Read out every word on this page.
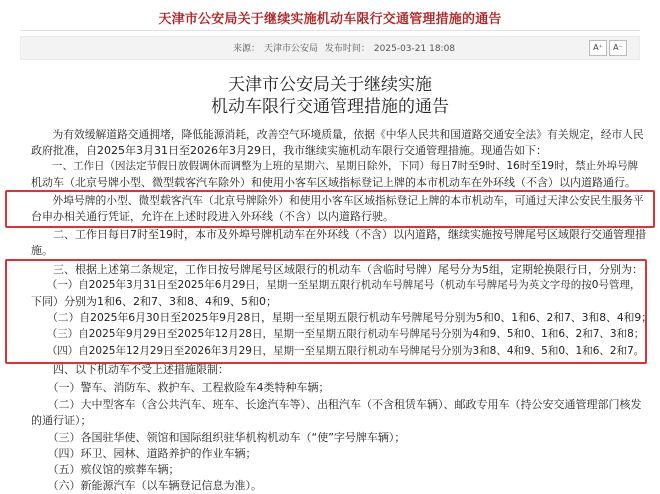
天津市公安局关于继续实施机动车限行交通管理措施的通告
来源： 天津市公安局 发布时间： 2025-03-21 18:08	A⁺	A⁻
天津市公安局关于继续实施
机动车限行交通管理措施的通告
　　为有效缓解道路交通拥堵，降低能源消耗，改善空气环境质量，依据《中华人民共和国道路交通安全法》有关规定，经市人民
政府批准，自2025年3月31日至2026年3月29日，我市继续实施机动车限行交通管理措施。现通告如下：
　　一、工作日（因法定节假日放假调休而调整为上班的星期六、星期日除外，下同）每日7时至9时、16时至19时，禁止外埠号牌
机动车（北京号牌小型、微型载客汽车除外）和使用小客车区域指标登记上牌的本市机动车在外环线（不含）以内道路通行。
　　外埠号牌的小型、微型载客汽车（北京号牌除外）和使用小客车区域指标登记上牌的本市机动车，可通过天津公安民生服务平
台申办相关通行凭证，允许在上述时段进入外环线（不含）以内道路行驶。
　　二、工作日每日7时至19时，本市及外埠号牌机动车在外环线（不含）以内道路，继续实施按号牌尾号区域限行交通管理措
施。
　　三、根据上述第二条规定，工作日按号牌尾号区域限行的机动车（含临时号牌）尾号分为5组，定期轮换限行日，分别为：
　　（一）自2025年3月31日至2025年6月29日，星期一至星期五限行机动车号牌尾号（机动车号牌尾号为英文字母的按0号管理，
下同）分别为1和6、2和7、3和8、4和9、5和0；
　　（二）自2025年6月30日至2025年9月28日，星期一至星期五限行机动车号牌尾号分别为5和0、1和6、2和7、3和8、4和9；
　　（三）自2025年9月29日至2025年12月28日，星期一至星期五限行机动车号牌尾号分别为4和9、5和0、1和6、2和7、3和8；
　　（四）自2025年12月29日至2026年3月29日，星期一至星期五限行机动车号牌尾号分别为3和8、4和9、5和0、1和6、2和7。
　　四、以下机动车不受上述措施限制：
　　（一）警车、消防车、救护车、工程救险车4类特种车辆；
　　（二）大中型客车（含公共汽车、班车、长途汽车等）、出租汽车（不含租赁车辆）、邮政专用车（持公安交通管理部门核发
的通行证）；
　　（三）各国驻华使、领馆和国际组织驻华机构机动车（“使”字号牌车辆）；
　　（四）环卫、园林、道路养护的作业车辆；
　　（五）殡仪馆的殡葬车辆；
　　（六）新能源汽车（以车辆登记信息为准）。
